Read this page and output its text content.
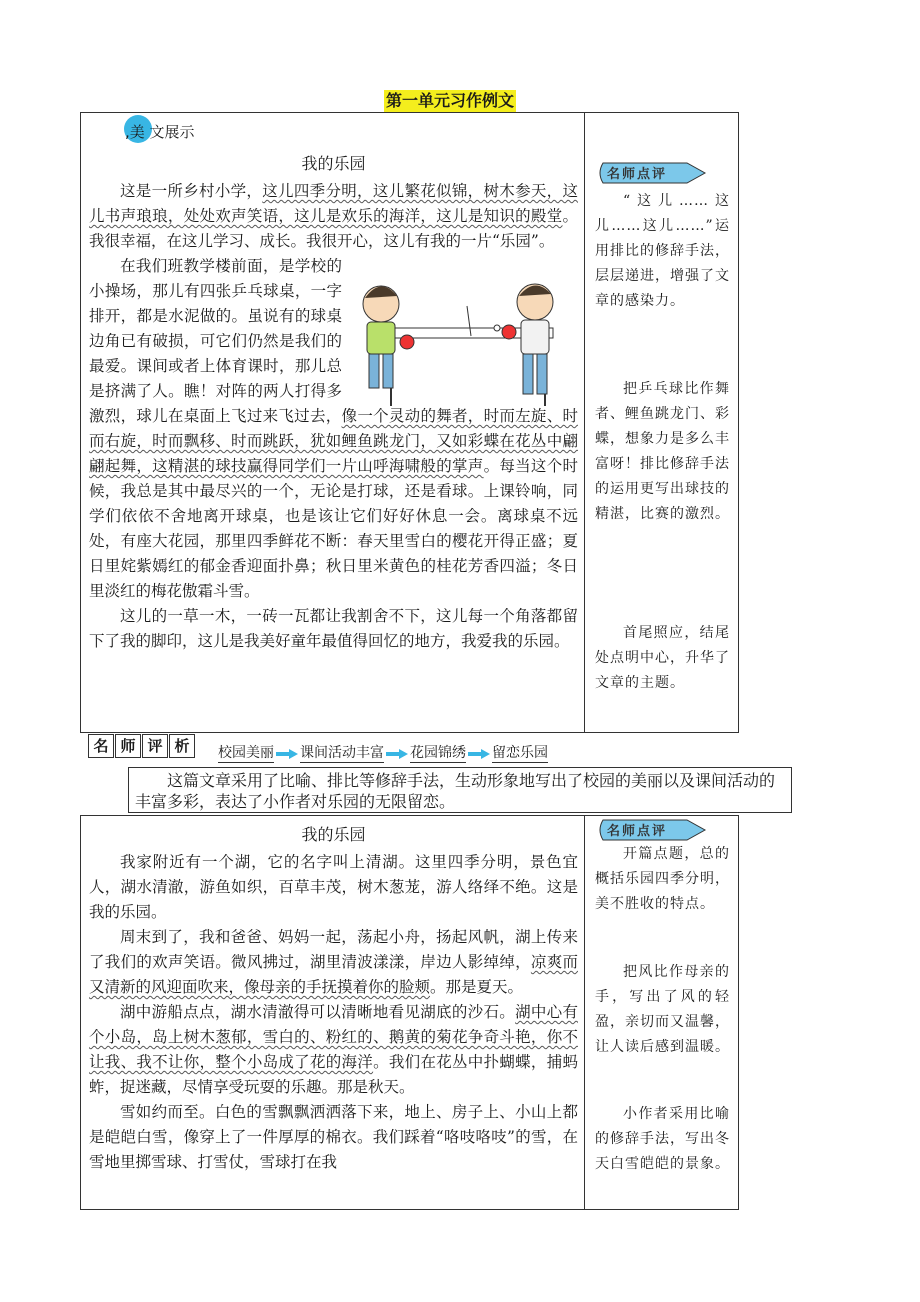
第一单元习作例文
,美 文展示

我的乐园

这是一所乡村小学，这儿四季分明，这儿繁花似锦，树木参天，这儿书声琅琅，处处欢声笑语，这儿是欢乐的海洋，这儿是知识的殿堂。我很幸福，在这儿学习、成长。我很开心，这儿有我的一片“乐园”。

在我们班教学楼前面，是学校的小操场，那儿有四张乒乓球桌，一字排开，都是水泥做的。虽说有的球桌边角已有破损，可它们仍然是我们的最爱。课间或者上体育课时，那儿总是挤满了人。瞧！对阵的两人打得多激烈，球儿在桌面上飞过来飞过去，像一个灵动的舞者，时而左旋、时而右旋，时而飘移、时而跳跃，犹如鲤鱼跳龙门，又如彩蝶在花丛中翩翩起舞，这精湛的球技赢得同学们一片山呼海啸般的掌声。每当这个时候，我总是其中最尽兴的一个，无论是打球，还是看球。上课铃响，同学们依依不舍地离开球桌，也是该让它们好好休息一会。离球桌不远处，有座大花园，那里四季鲜花不断：春天里雪白的樱花开得正盛；夏日里姹紫嫣红的郁金香迎面扑鼻；秋日里米黄色的桂花芳香四溢；冬日里淡红的梅花傲霜斗雪。

这儿的一草一木，一砖一瓦都让我割舍不下，这儿每一个角落都留下了我的脚印，这儿是我美好童年最值得回忆的地方，我爱我的乐园。

名师点评
“这儿……这儿……这儿……”运用排比的修辞手法，层层递进，增强了文章的感染力。
把乒乓球比作舞者、鲤鱼跳龙门、彩蝶，想象力是多么丰富呀！排比修辞手法的运用更写出球技的精湛，比赛的激烈。
首尾照应，结尾处点明中心，升华了文章的主题。
名 师 评 析	校园美丽 课间活动丰富 花园锦绣 留恋乐园
这篇文章采用了比喻、排比等修辞手法，生动形象地写出了校园的美丽以及课间活动的丰富多彩，表达了小作者对乐园的无限留恋。

我的乐园

我家附近有一个湖，它的名字叫上清湖。这里四季分明，景色宜人，湖水清澈，游鱼如织，百草丰茂，树木葱茏，游人络绎不绝。这是我的乐园。

周末到了，我和爸爸、妈妈一起，荡起小舟，扬起风帆，湖上传来了我们的欢声笑语。微风拂过，湖里清波漾漾，岸边人影绰绰，凉爽而又清新的风迎面吹来，像母亲的手抚摸着你的脸颊。那是夏天。

湖中游船点点，湖水清澈得可以清晰地看见湖底的沙石。湖中心有个小岛，岛上树木葱郁，雪白的、粉红的、鹅黄的菊花争奇斗艳，你不让我、我不让你，整个小岛成了花的海洋。我们在花丛中扑蝴蝶，捕蚂蚱，捉迷藏，尽情享受玩耍的乐趣。那是秋天。

雪如约而至。白色的雪飘飘洒洒落下来，地上、房子上、小山上都是皑皑白雪，像穿上了一件厚厚的棉衣。我们踩着“咯吱咯吱”的雪，在雪地里掷雪球、打雪仗，雪球打在我

名师点评
开篇点题，总的概括乐园四季分明，美不胜收的特点。
把风比作母亲的手，写出了风的轻盈，亲切而又温馨，让人读后感到温暖。
小作者采用比喻的修辞手法，写出冬天白雪皑皑的景象。
